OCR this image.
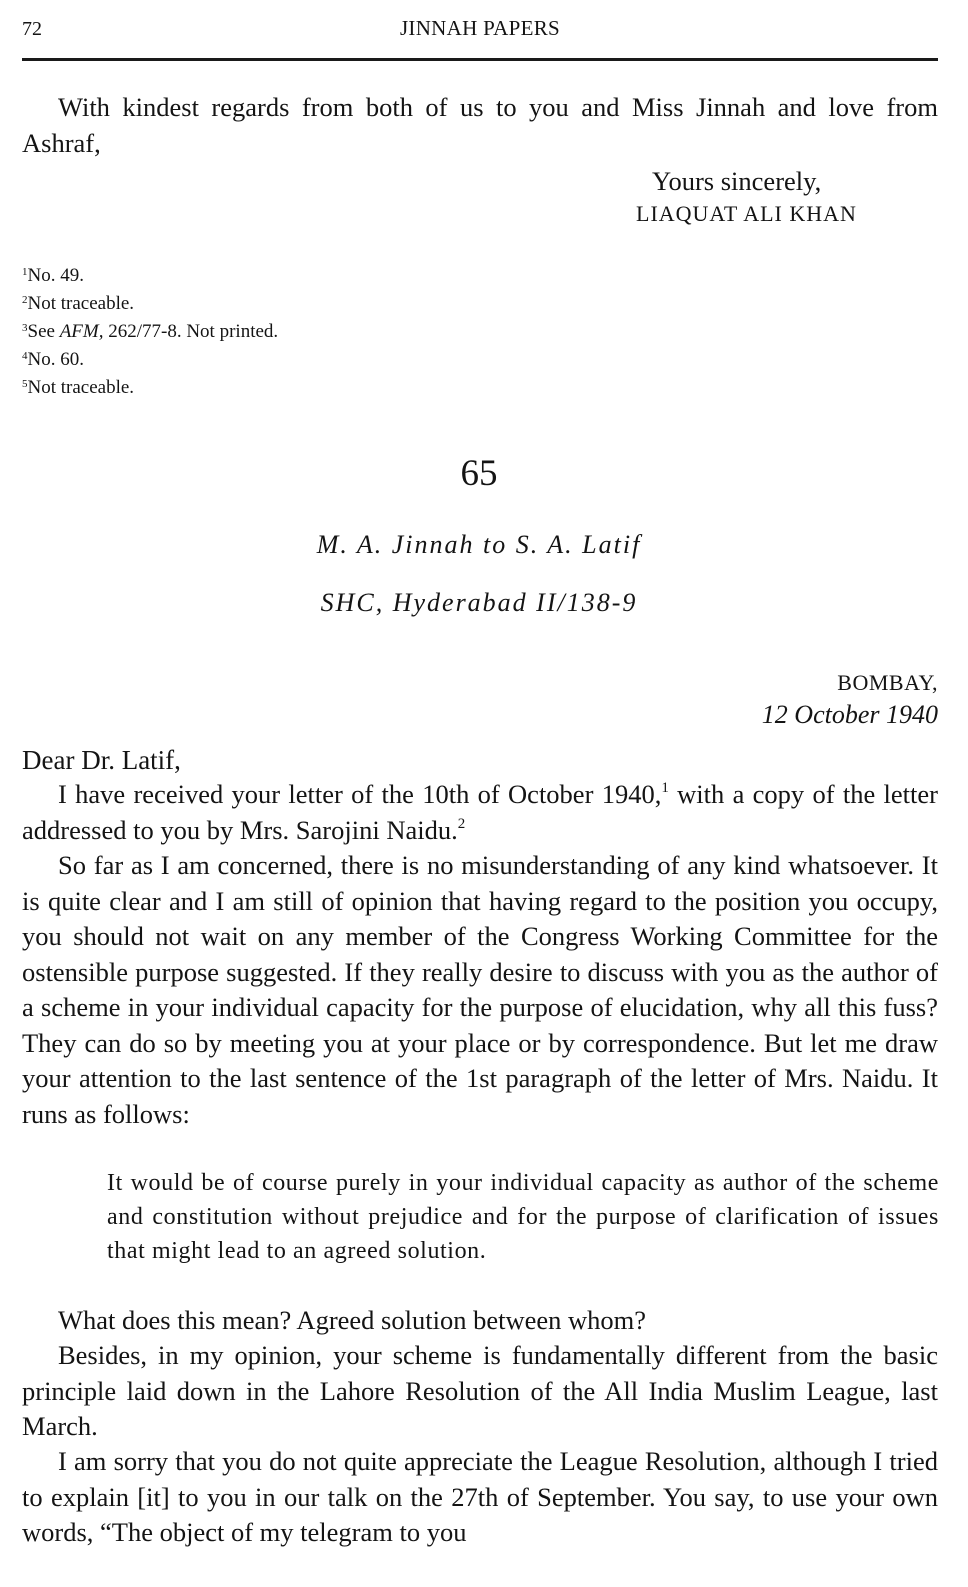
72	JINNAH PAPERS

With kindest regards from both of us to you and Miss Jinnah and love from Ashraf,

Yours sincerely,
LIAQUAT ALI KHAN
$^1$No. 49.
$^2$Not traceable.
$^3$See AFM, 262/77-8. Not printed.
$^4$No. 60.
$^5$Not traceable.
65
M. A. Jinnah to S. A. Latif
SHC, Hyderabad II/138-9
BOMBAY,
12 October 1940
Dear Dr. Latif,

I have received your letter of the 10th of October 1940,$^1$ with a copy of the letter addressed to you by Mrs. Sarojini Naidu.$^2$

So far as I am concerned, there is no misunderstanding of any kind whatsoever. It is quite clear and I am still of opinion that having regard to the position you occupy, you should not wait on any member of the Congress Working Committee for the ostensible purpose suggested. If they really desire to discuss with you as the author of a scheme in your individual capacity for the purpose of elucidation, why all this fuss? They can do so by meeting you at your place or by correspondence. But let me draw your attention to the last sentence of the 1st paragraph of the letter of Mrs. Naidu. It runs as follows:

It would be of course purely in your individual capacity as author of the scheme and constitution without prejudice and for the purpose of clarification of issues that might lead to an agreed solution.

What does this mean? Agreed solution between whom?

Besides, in my opinion, your scheme is fundamentally different from the basic principle laid down in the Lahore Resolution of the All India Muslim League, last March.

I am sorry that you do not quite appreciate the League Resolution, although I tried to explain [it] to you in our talk on the 27th of September. You say, to use your own words, “The object of my telegram to you
